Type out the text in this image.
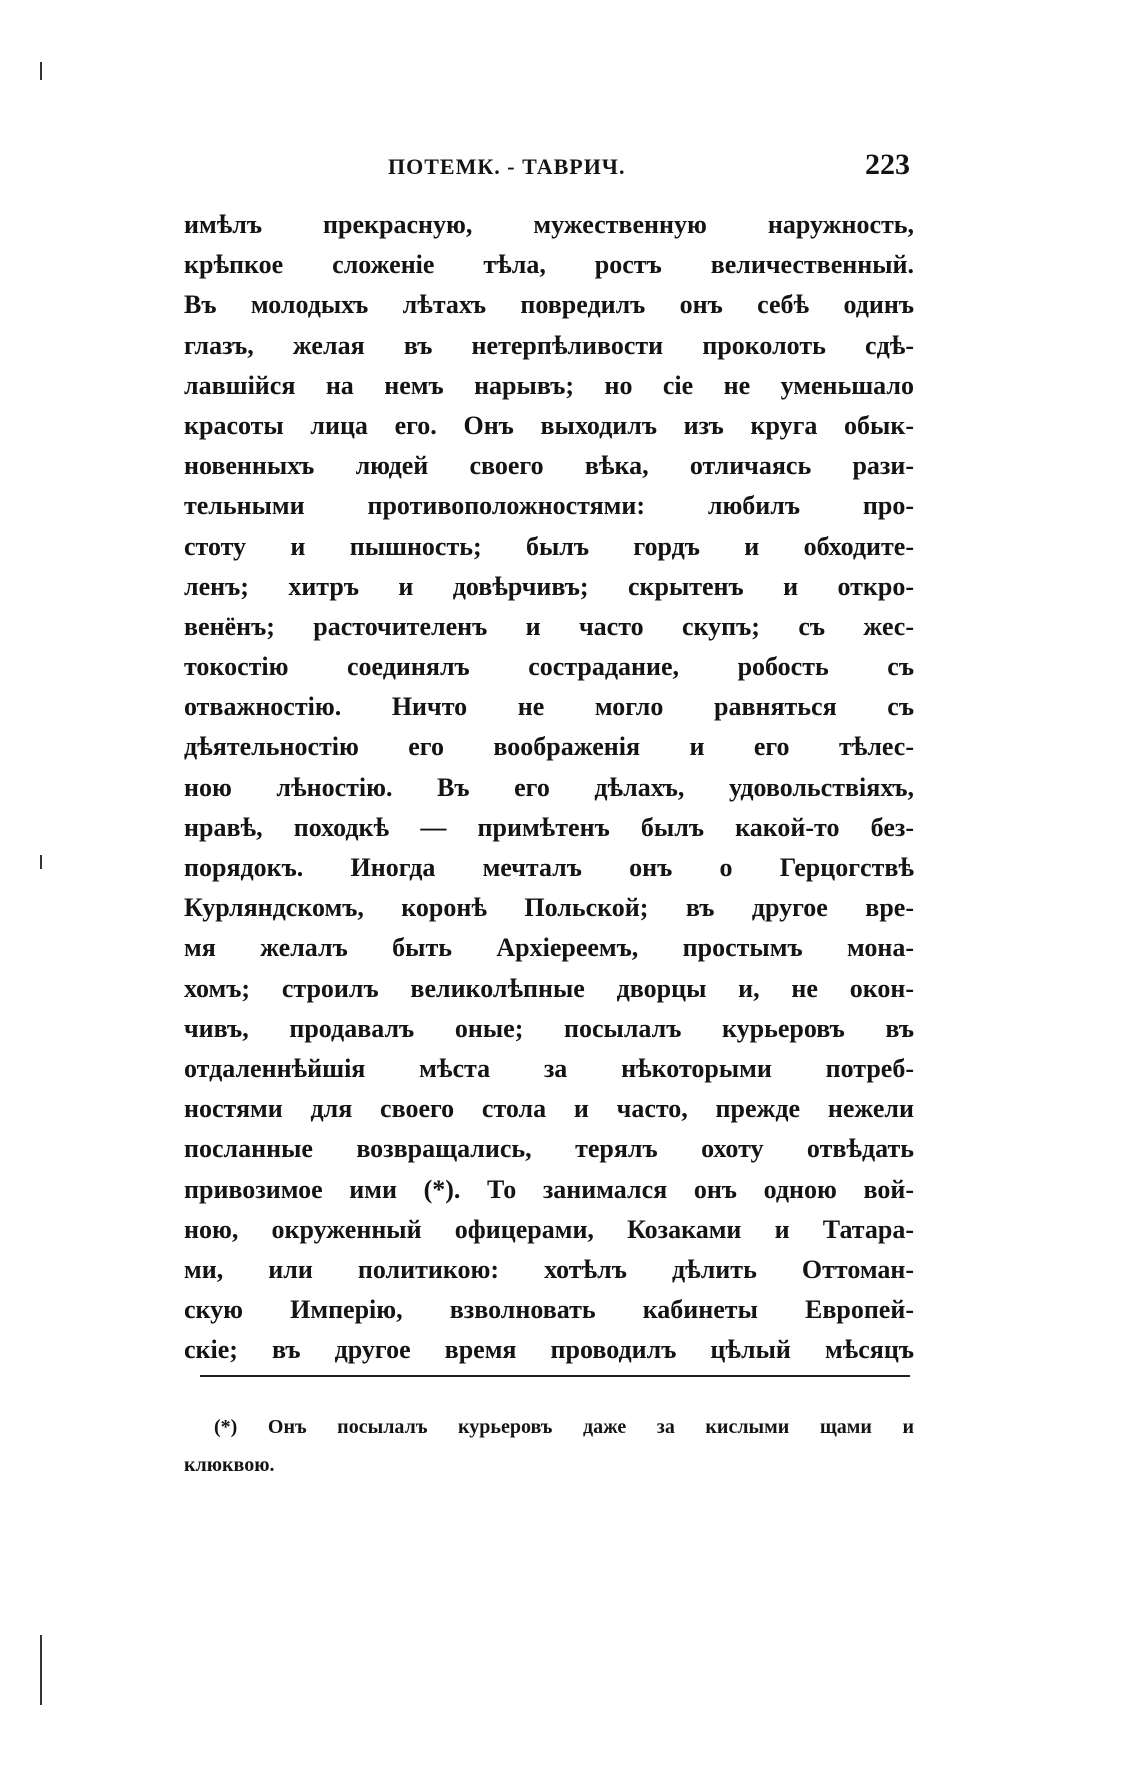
ПОТЕМК. - ТАВРИЧ.	223
имѣлъ прекрасную, мужественную наружность,
крѣпкое сложеніе тѣла, ростъ величественный.
Въ молодыхъ лѣтахъ повредилъ онъ себѣ одинъ
глазъ, желая въ нетерпѣливости проколоть сдѣ-
лавшійся на немъ нарывъ; но сіе не уменьшало
красоты лица его. Онъ выходилъ изъ круга обык-
новенныхъ людей своего вѣка, отличаясь рази-
тельными противоположностями: любилъ про-
стоту и пышность; былъ гордъ и обходите-
ленъ; хитръ и довѣрчивъ; скрытенъ и откро-
венёнъ; расточителенъ и часто скупъ; съ жес-
токостію соединялъ сострадание, робость съ
отважностію. Ничто не могло равняться съ
дѣятельностію его воображенія и его тѣлес-
ною лѣностію. Въ его дѣлахъ, удовольствіяхъ,
нравѣ, походкѣ — примѣтенъ былъ какой-то без-
порядокъ. Иногда мечталъ онъ о Герцогствѣ
Курляндскомъ, коронѣ Польской; въ другое вре-
мя желалъ быть Архіереемъ, простымъ мона-
хомъ; строилъ великолѣпные дворцы и, не окон-
чивъ, продавалъ оные; посылалъ курьеровъ въ
отдаленнѣйшія мѣста за нѣкоторыми потреб-
ностями для своего стола и часто, прежде нежели
посланные возвращались, терялъ охоту отвѣдать
привозимое ими (*). То занимался онъ одною вой-
ною, окруженный офицерами, Козаками и Татара-
ми, или политикою: хотѣлъ дѣлить Оттоман-
скую Имперію, взволновать кабинеты Европей-
скіе; въ другое время проводилъ цѣлый мѣсяцъ
(*) Онъ посылалъ курьеровъ даже за кислыми щами и
клюквою.
